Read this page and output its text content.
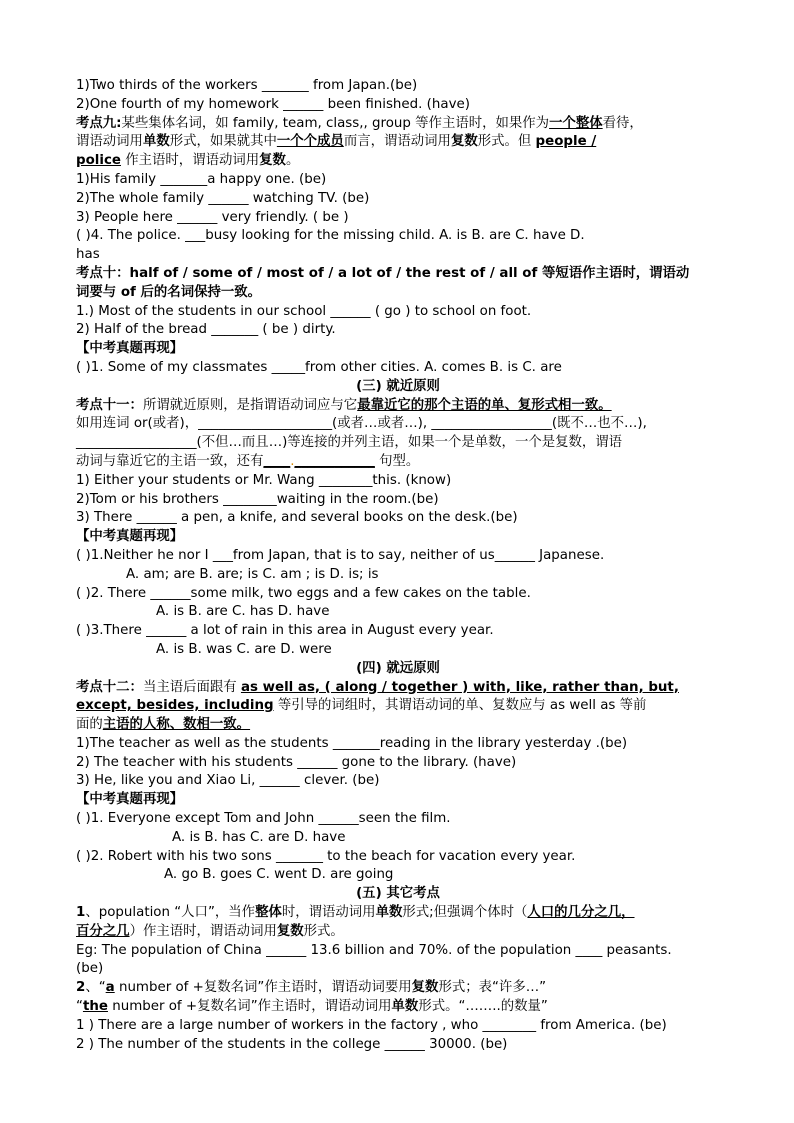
1)Two thirds of the workers _______ from Japan.(be)
2)One fourth of my homework ______ been finished. (have)
考点九:某些集体名词，如 family, team, class,, group 等作主语时，如果作为一个整体看待，
谓语动词用单数形式，如果就其中一个个成员而言，谓语动词用复数形式。但 people /
police 作主语时，谓语动词用复数。
1)His family _______a happy one. (be)
2)The whole family ______ watching TV. (be)
3) People here ______ very friendly. ( be )
( )4. The police. ___busy looking for the missing child. A. is B. are C. have D.
has
考点十：half of / some of / most of / a lot of / the rest of / all of 等短语作主语时，谓语动
词要与 of 后的名词保持一致。
1.) Most of the students in our school ______ ( go ) to school on foot.
2) Half of the bread _______ ( be ) dirty.
【中考真题再现】
( )1. Some of my classmates _____from other cities. A. comes B. is C. are
(三) 就近原则
考点十一：所谓就近原则，是指谓语动词应与它最靠近它的那个主语的单、复形式相一致。
如用连词 or(或者)，____________________(或者…或者…), __________________(既不…也不…),
__________________(不但…而且…)等连接的并列主语，如果一个是单数，一个是复数，谓语
动词与靠近它的主语一致，还有____.____________ 句型。
1) Either your students or Mr. Wang ________this. (know)
2)Tom or his brothers ________waiting in the room.(be)
3) There ______ a pen, a knife, and several books on the desk.(be)
【中考真题再现】
( )1.Neither he nor I ___from Japan, that is to say, neither of us______ Japanese.
A. am; are B. are; is C. am ; is D. is; is
( )2. There ______some milk, two eggs and a few cakes on the table.
A. is B. are C. has D. have
( )3.There ______ a lot of rain in this area in August every year.
A. is B. was C. are D. were
(四) 就远原则
考点十二：当主语后面跟有 as well as, ( along / together ) with, like, rather than, but,
except, besides, including 等引导的词组时，其谓语动词的单、复数应与 as well as 等前
面的主语的人称、数相一致。
1)The teacher as well as the students _______reading in the library yesterday .(be)
2) The teacher with his students ______ gone to the library. (have)
3) He, like you and Xiao Li, ______ clever. (be)
【中考真题再现】
( )1. Everyone except Tom and John ______seen the film.
A. is B. has C. are D. have
( )2. Robert with his two sons _______ to the beach for vacation every year.
A. go B. goes C. went D. are going
(五) 其它考点
1、population “人口”，当作整体时，谓语动词用单数形式;但强调个体时（人口的几分之几，
百分之几）作主语时，谓语动词用复数形式。
Eg: The population of China ______ 13.6 billion and 70%. of the population ____ peasants.
(be)
2、“a number of +复数名词”作主语时，谓语动词要用复数形式；表“许多…”
“the number of +复数名词”作主语时，谓语动词用单数形式。“……..的数量”
1 ) There are a large number of workers in the factory , who ________ from America. (be)
2 ) The number of the students in the college ______ 30000. (be)
